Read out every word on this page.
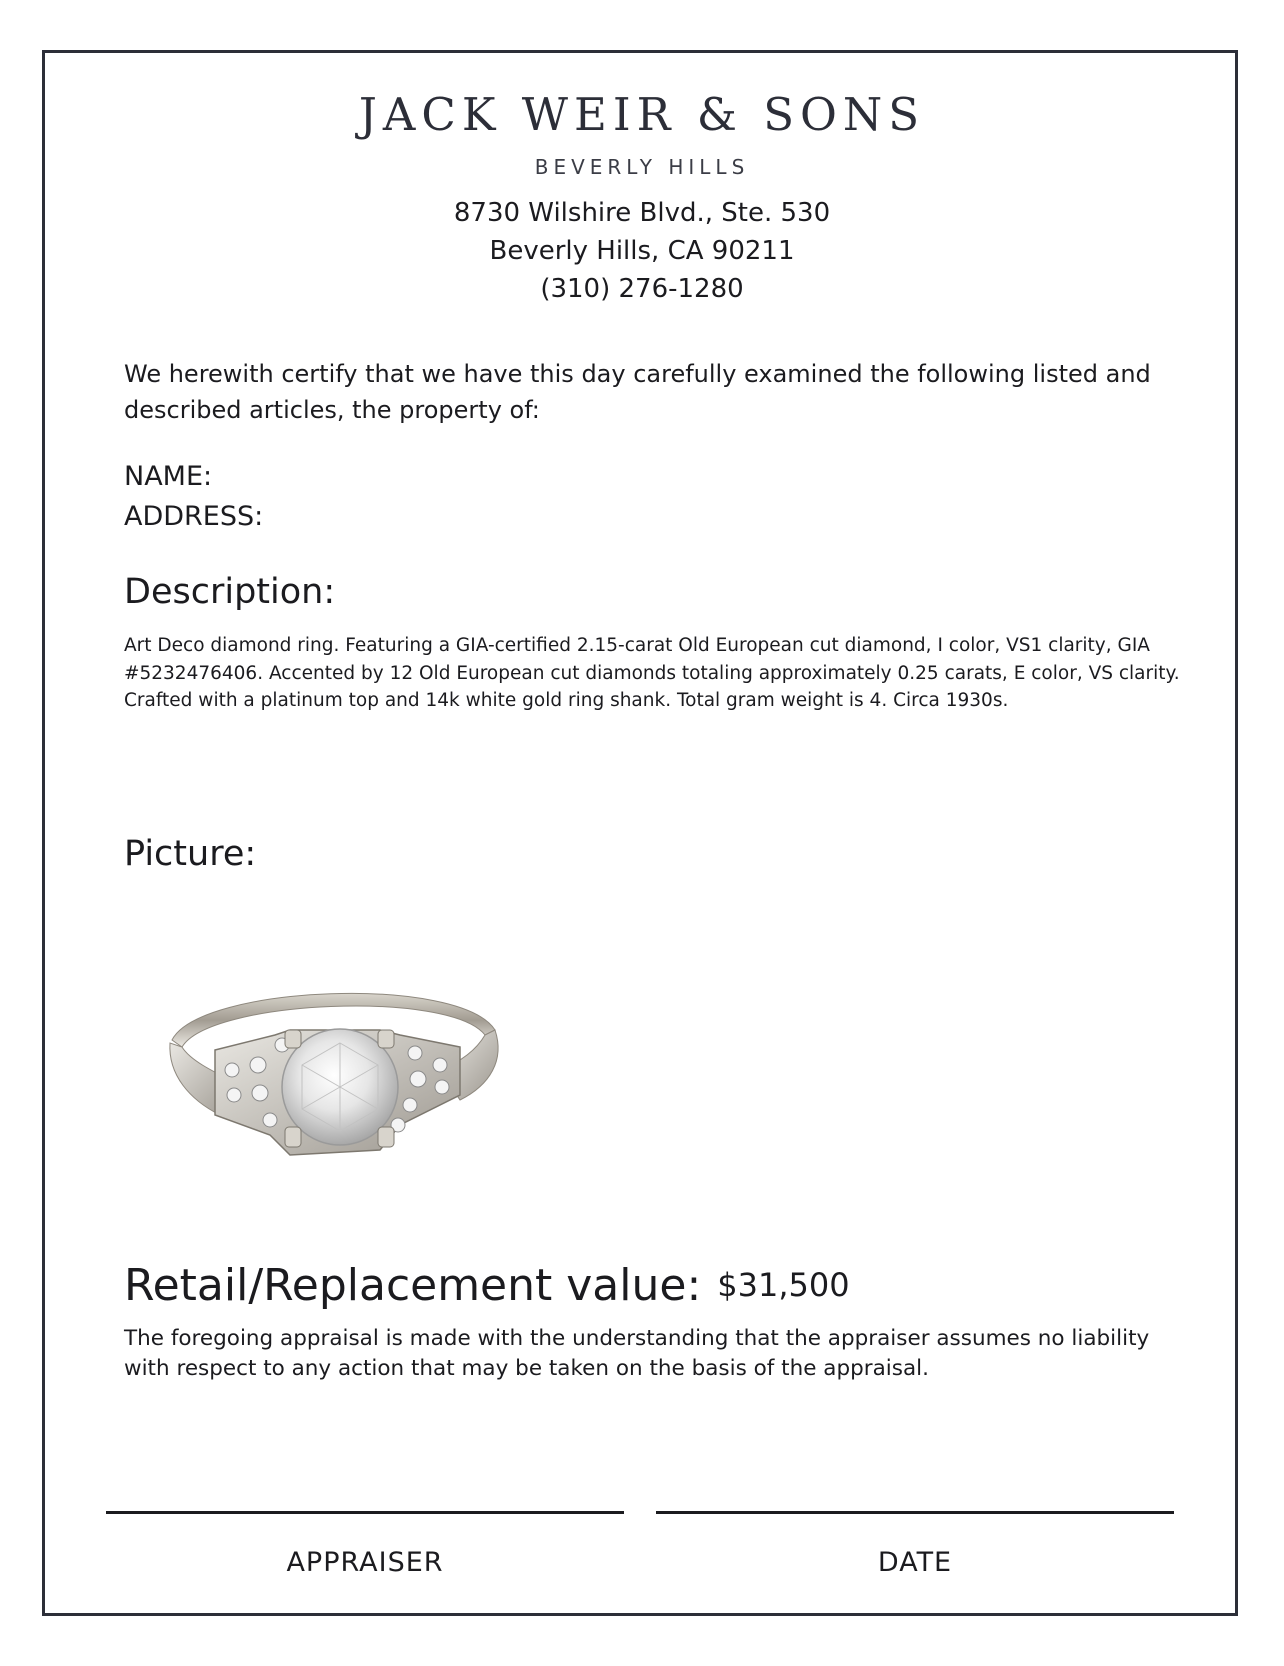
JACK WEIR & SONS
BEVERLY HILLS
8730 Wilshire Blvd., Ste. 530
Beverly Hills, CA 90211
(310) 276-1280
We herewith certify that we have this day carefully examined the following listed and described articles, the property of:
NAME:
ADDRESS:
Description:
Art Deco diamond ring. Featuring a GIA-certified 2.15-carat Old European cut diamond, I color, VS1 clarity, GIA #5232476406. Accented by 12 Old European cut diamonds totaling approximately 0.25 carats, E color, VS clarity. Crafted with a platinum top and 14k white gold ring shank. Total gram weight is 4. Circa 1930s.
Picture:
Retail/Replacement value: $31,500
The foregoing appraisal is made with the understanding that the appraiser assumes no liability with respect to any action that may be taken on the basis of the appraisal.
APPRAISER	DATE
